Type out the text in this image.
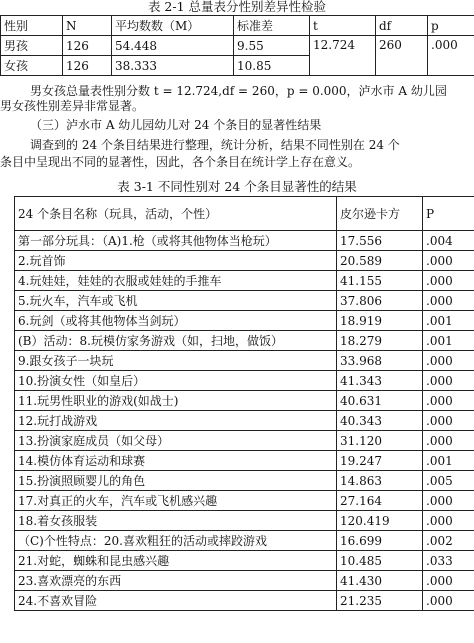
表 2-1 总量表分性别差异性检验
性别	N	平均数数（M）	标准差	t	df	p
男孩	126	54.448	9.55	12.724	260	.000
女孩	126	38.333	10.85			
男女孩总量表性别分数 t = 12.724,df = 260，p = 0.000，泸水市 A 幼儿园
男女孩性别差异非常显著。
（三）泸水市 A 幼儿园幼儿对 24 个条目的显著性结果
调查到的 24 个条目结果进行整理，统计分析，结果不同性别在 24 个
条目中呈现出不同的显著性，因此，各个条目在统计学上存在意义。
表 3-1 不同性别对 24 个条目显著性的结果
24 个条目名称（玩具，活动，个性）	皮尔逊卡方	P
第一部分玩具：（A)1.枪（或将其他物体当枪玩）	17.556	.004
2.玩首饰	20.589	.000
4.玩娃娃，娃娃的衣服或娃娃的手推车	41.155	.000
5.玩火车，汽车或飞机	37.806	.000
6.玩剑（或将其他物体当剑玩）	18.919	.001
(B）活动：8.玩模仿家务游戏（如，扫地，做饭）	18.279	.001
9.跟女孩子一块玩	33.968	.000
10.扮演女性（如皇后）	41.343	.000
11.玩男性职业的游戏(如战士)	40.631	.000
12.玩打战游戏	40.343	.000
13.扮演家庭成员（如父母）	31.120	.000
14.模仿体育运动和球赛	19.247	.001
15.扮演照顾婴儿的角色	14.863	.005
17.对真正的火车，汽车或飞机感兴趣	27.164	.000
18.着女孩服装	120.419	.000
（C)个性特点：20.喜欢粗狂的活动或摔跤游戏	16.699	.002
21.对蛇，蜘蛛和昆虫感兴趣	10.485	.033
23.喜欢漂亮的东西	41.430	.000
24.不喜欢冒险	21.235	.000
